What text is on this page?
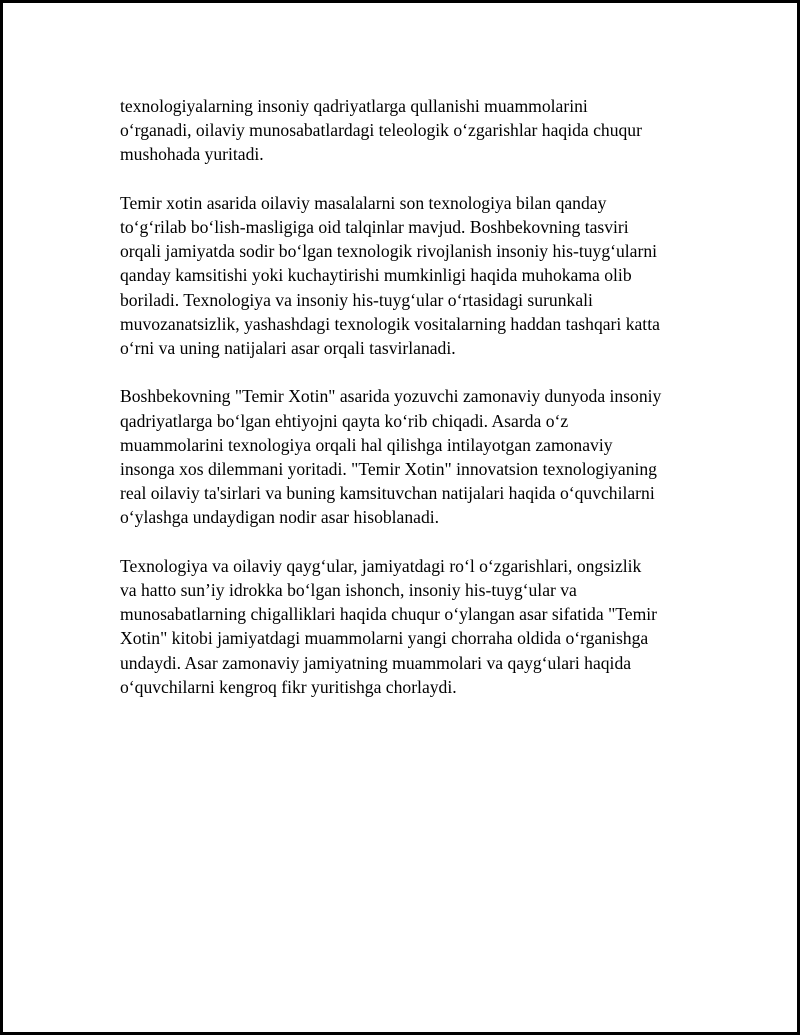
texnologiyalarning insoniy qadriyatlarga qullanishi muammolarini
o‘rganadi, oilaviy munosabatlardagi teleologik o‘zgarishlar haqida chuqur
mushohada yuritadi.

Temir xotin asarida oilaviy masalalarni son texnologiya bilan qanday
to‘g‘rilab bo‘lish-masligiga oid talqinlar mavjud. Boshbekovning tasviri
orqali jamiyatda sodir bo‘lgan texnologik rivojlanish insoniy his-tuyg‘ularni
qanday kamsitishi yoki kuchaytirishi mumkinligi haqida muhokama olib
boriladi. Texnologiya va insoniy his-tuyg‘ular o‘rtasidagi surunkali
muvozanatsizlik, yashashdagi texnologik vositalarning haddan tashqari katta
o‘rni va uning natijalari asar orqali tasvirlanadi.

Boshbekovning "Temir Xotin" asarida yozuvchi zamonaviy dunyoda insoniy
qadriyatlarga bo‘lgan ehtiyojni qayta ko‘rib chiqadi. Asarda o‘z
muammolarini texnologiya orqali hal qilishga intilayotgan zamonaviy
insonga xos dilemmani yoritadi. "Temir Xotin" innovatsion texnologiyaning
real oilaviy ta'sirlari va buning kamsituvchan natijalari haqida o‘quvchilarni
o‘ylashga undaydigan nodir asar hisoblanadi.

Texnologiya va oilaviy qayg‘ular, jamiyatdagi ro‘l o‘zgarishlari, ongsizlik
va hatto sun’iy idrokka bo‘lgan ishonch, insoniy his-tuyg‘ular va
munosabatlarning chigalliklari haqida chuqur o‘ylangan asar sifatida "Temir
Xotin" kitobi jamiyatdagi muammolarni yangi chorraha oldida o‘rganishga
undaydi. Asar zamonaviy jamiyatning muammolari va qayg‘ulari haqida
o‘quvchilarni kengroq fikr yuritishga chorlaydi.
